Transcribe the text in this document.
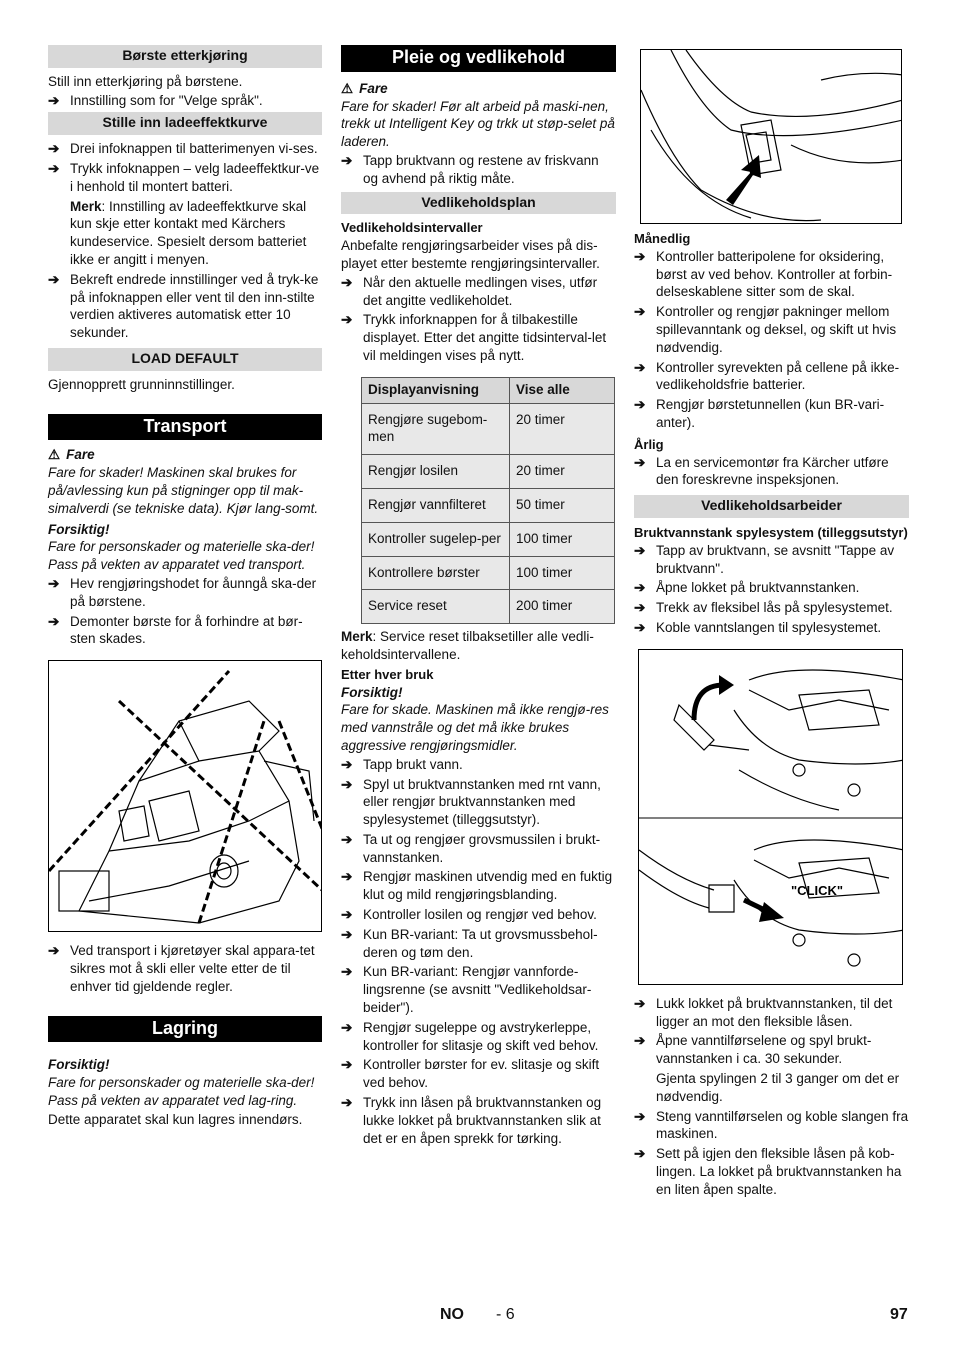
Børste etterkjøring
Still inn etterkjøring på børstene.
➔ Innstilling som for "Velge språk".
Stille inn ladeeffektkurve
➔ Drei infoknappen til batterimenyen vi-ses.
➔ Trykk infoknappen – velg ladeeffektkur-ve i henhold til montert batteri.
Merk: Innstilling av ladeeffektkurve skal kun skje etter kontakt med Kärchers kundeservice. Spesielt dersom batteriet ikke er angitt i menyen.
➔ Bekreft endrede innstillinger ved å tryk-ke på infoknappen eller vent til den inn-stilte verdien aktiveres automatisk etter 10 sekunder.
LOAD DEFAULT
Gjennopprett grunninnstillinger.
Transport
⚠ Fare
Fare for skader! Maskinen skal brukes for på/avlessing kun på stigninger opp til mak-simalverdi (se tekniske data). Kjør lang-somt.
Forsiktig!
Fare for personskader og materielle ska-der! Pass på vekten av apparatet ved transport.
➔ Hev rengjøringshodet for åunngå ska-der på børstene.
➔ Demonter børste for å forhindre at bør-sten skades.
➔ Ved transport i kjøretøyer skal appara-tet sikres mot å skli eller velte etter de til enhver tid gjeldende regler.
Lagring
Forsiktig!
Fare for personskader og materielle ska-der! Pass på vekten av apparatet ved lag-ring.
Dette apparatet skal kun lagres innendørs.
Pleie og vedlikehold
⚠ Fare
Fare for skader! Før alt arbeid på maski-nen, trekk ut Intelligent Key og trkk ut støp-selet på laderen.
➔ Tapp bruktvann og restene av friskvann og avhend på riktig måte.
Vedlikeholdsplan
Vedlikeholdsintervaller
Anbefalte rengjøringsarbeider vises på dis-playet etter bestemte rengjøringsintervaller.
➔ Når den aktuelle medlingen vises, utfør det angitte vedlikeholdet.
➔ Trykk inforknappen for å tilbakestille displayet. Etter det angitte tidsinterval-let vil meldingen vises på nytt.
Displayanvisning	Vise alle
Rengjøre sugebom-men	20 timer
Rengjør losilen	20 timer
Rengjør vannfilteret	50 timer
Kontroller sugelep-per	100 timer
Kontrollere børster	100 timer
Service reset	200 timer
Merk: Service reset tilbaksetiller alle vedli-keholdsintervallene.
Etter hver bruk
Forsiktig!
Fare for skade. Maskinen må ikke rengjø-res med vannstråle og det må ikke brukes aggressive rengjøringsmidler.
➔ Tapp brukt vann.
➔ Spyl ut bruktvannstanken med rnt vann, eller rengjør bruktvannstanken med spylesystemet (tilleggsutstyr).
➔ Ta ut og rengjøer grovsmussilen i brukt-vannstanken.
➔ Rengjør maskinen utvendig med en fuktig klut og mild rengjøringsblanding.
➔ Kontroller losilen og rengjør ved behov.
➔ Kun BR-variant: Ta ut grovsmussbehol-deren og tøm den.
➔ Kun BR-variant: Rengjør vannforde-lingsrenne (se avsnitt "Vedlikeholdsar-beider").
➔ Rengjør sugeleppe og avstrykerleppe, kontroller for slitasje og skift ved behov.
➔ Kontroller børster for ev. slitasje og skift ved behov.
➔ Trykk inn låsen på bruktvannstanken og lukke lokket på bruktvannstanken slik at det er en åpen sprekk for tørking.
Månedlig
➔ Kontroller batteripolene for oksidering, børst av ved behov. Kontroller at forbin-delseskablene sitter som de skal.
➔ Kontroller og rengjør pakninger mellom spillevanntank og deksel, og skift ut hvis nødvendig.
➔ Kontroller syrevekten på cellene på ikke-vedlikeholdsfrie batterier.
➔ Rengjør børstetunnellen (kun BR-vari-anter).
Årlig
➔ La en servicemontør fra Kärcher utføre den foreskrevne inspeksjonen.
Vedlikeholdsarbeider
Bruktvannstank spylesystem (tilleggsutstyr)
➔ Tapp av bruktvann, se avsnitt "Tappe av bruktvann".
➔ Åpne lokket på bruktvannstanken.
➔ Trekk av fleksibel lås på spylesystemet.
➔ Koble vanntslangen til spylesystemet.
"CLICK"
➔ Lukk lokket på bruktvannstanken, til det ligger an mot den fleksible låsen.
➔ Åpne vanntilførselene og spyl brukt-vannstanken i ca. 30 sekunder.
Gjenta spylingen 2 til 3 ganger om det er nødvendig.
➔ Steng vanntilførselen og koble slangen fra maskinen.
➔ Sett på igjen den fleksible låsen på kob-lingen. La lokket på bruktvannstanken ha en liten åpen spalte.
NO - 6	97
